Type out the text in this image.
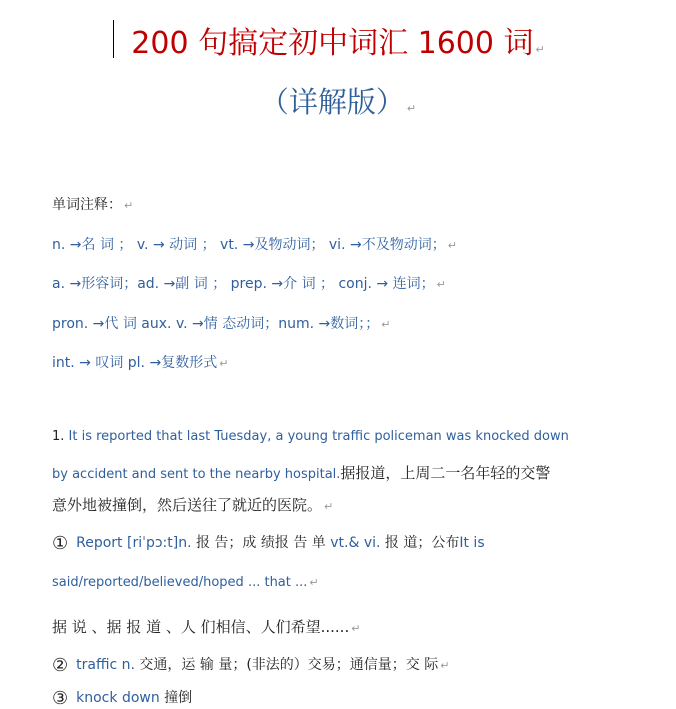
200 句搞定初中词汇 1600 词 ↵
（详解版） ↵
单词注释： ↵
n. →名 词 ； v. → 动词 ； vt. →及物动词； vi. →不及物动词； ↵
a. →形容词；ad. →副 词 ； prep. →介 词 ； conj. → 连词； ↵
pron. →代 词 aux. v. →情 态动词；num. →数词；； ↵
int. → 叹词 pl. →复数形式 ↵
1. It is reported that last Tuesday, a young traffic policeman was knocked down
by accident and sent to the nearby hospital.据报道，上周二一名年轻的交警
意外地被撞倒，然后送往了就近的医院。 ↵
① Report [riˈpɔ:t]n. 报 告；成 绩报 告 单 vt.& vi. 报 道；公布It is
said/reported/believed/hoped ... that ... ↵
据 说 、据 报 道 、人 们相信、人们希望...... ↵
② traffic n. 交通，运 输 量；(非法的）交易；通信量；交 际 ↵
③ knock down 撞倒
